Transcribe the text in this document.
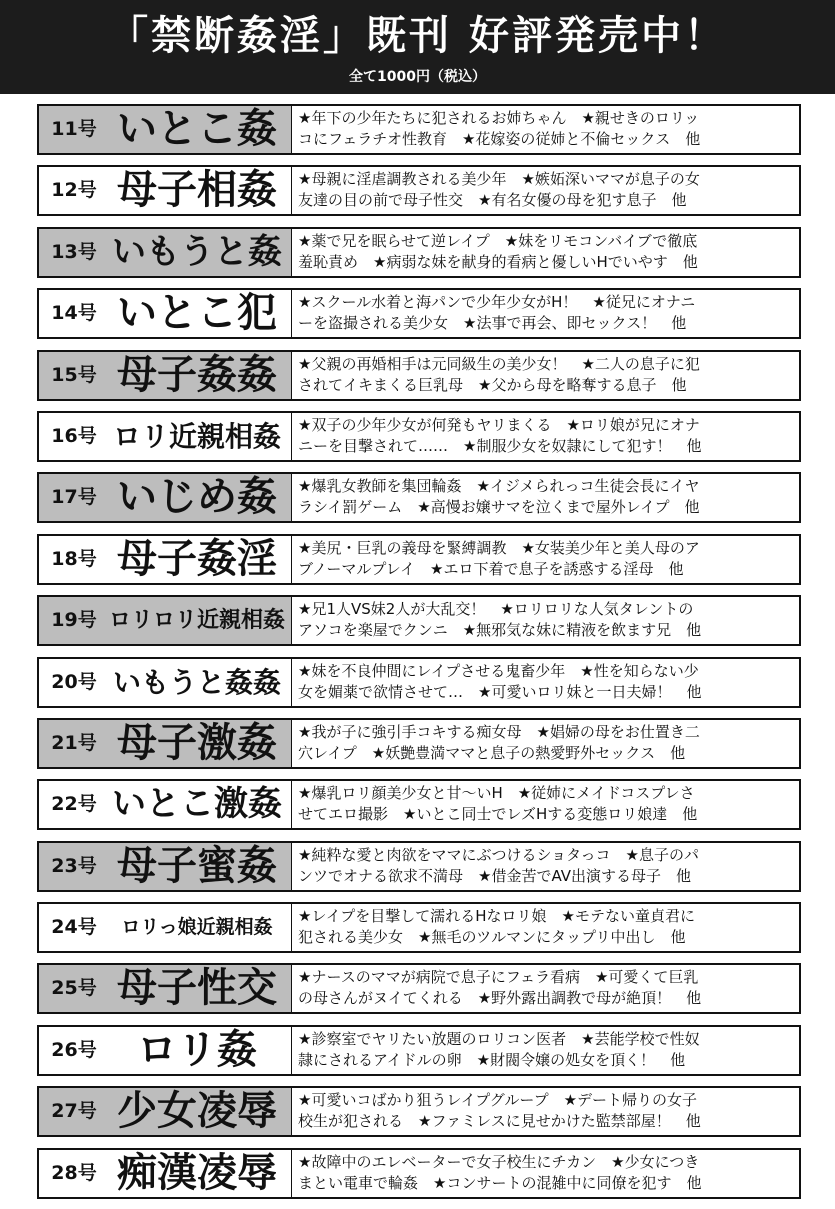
「禁断姦淫」既刊 好評発売中！
全て1000円（税込）
11号 いとこ姦	★年下の少年たちに犯されるお姉ちゃん　★親せきのロリッ
コにフェラチオ性教育　★花嫁姿の従姉と不倫セックス　他
12号 母子相姦	★母親に淫虐調教される美少年　★嫉妬深いママが息子の女
友達の目の前で母子性交　★有名女優の母を犯す息子　他
13号 いもうと姦 ★薬で兄を眠らせて逆レイプ　★妹をリモコンバイブで徹底
羞恥責め　★病弱な妹を献身的看病と優しいHでいやす　他
14号 いとこ犯	★スクール水着と海パンで少年少女がH！　★従兄にオナニ
ーを盗撮される美少女　★法事で再会、即セックス！　他
15号 母子姦姦	★父親の再婚相手は元同級生の美少女！　★二人の息子に犯
されてイキまくる巨乳母　★父から母を略奪する息子　他
16号 ロリ近親相姦 ★双子の少年少女が何発もヤリまくる　★ロリ娘が兄にオナ
ニーを目撃されて……　★制服少女を奴隷にして犯す！　他
17号 いじめ姦	★爆乳女教師を集団輪姦　★イジメられっコ生徒会長にイヤ
ラシイ罰ゲーム　★高慢お嬢サマを泣くまで屋外レイプ　他
18号 母子姦淫	★美尻・巨乳の義母を緊縛調教　★女装美少年と美人母のア
ブノーマルプレイ　★エロ下着で息子を誘惑する淫母　他
19号 ロリロリ近親相姦 ★兄1人VS妹2人が大乱交！　★ロリロリな人気タレントの
アソコを楽屋でクンニ　★無邪気な妹に精液を飲ます兄　他
20号 いもうと姦姦 ★妹を不良仲間にレイプさせる鬼畜少年　★性を知らない少
女を媚薬で欲情させて…　★可愛いロリ妹と一日夫婦！　他
21号 母子激姦	★我が子に強引手コキする痴女母　★娼婦の母をお仕置き二
穴レイプ　★妖艶豊満ママと息子の熱愛野外セックス　他
22号 いとこ激姦 ★爆乳ロリ顔美少女と甘〜いH　★従姉にメイドコスプレさ
せてエロ撮影　★いとこ同士でレズHする変態ロリ娘達　他
23号 母子蜜姦	★純粋な愛と肉欲をママにぶつけるショタっコ　★息子のパ
ンツでオナる欲求不満母　★借金苦でAV出演する母子　他
24号	ロリっ娘近親相姦	★レイプを目撃して濡れるHなロリ娘　★モテない童貞君に
犯される美少女　★無毛のツルマンにタップリ中出し　他
25号 母子性交	★ナースのママが病院で息子にフェラ看病　★可愛くて巨乳
の母さんがヌイてくれる　★野外露出調教で母が絶頂！　他
26号	ロリ姦	★診察室でヤリたい放題のロリコン医者　★芸能学校で性奴
隷にされるアイドルの卵　★財閥令嬢の処女を頂く！　他
27号 少女凌辱	★可愛いコばかり狙うレイプグループ　★デート帰りの女子
校生が犯される　★ファミレスに見せかけた監禁部屋！　他
28号 痴漢凌辱	★故障中のエレベーターで女子校生にチカン　★少女につき
まとい電車で輪姦　★コンサートの混雑中に同僚を犯す　他
